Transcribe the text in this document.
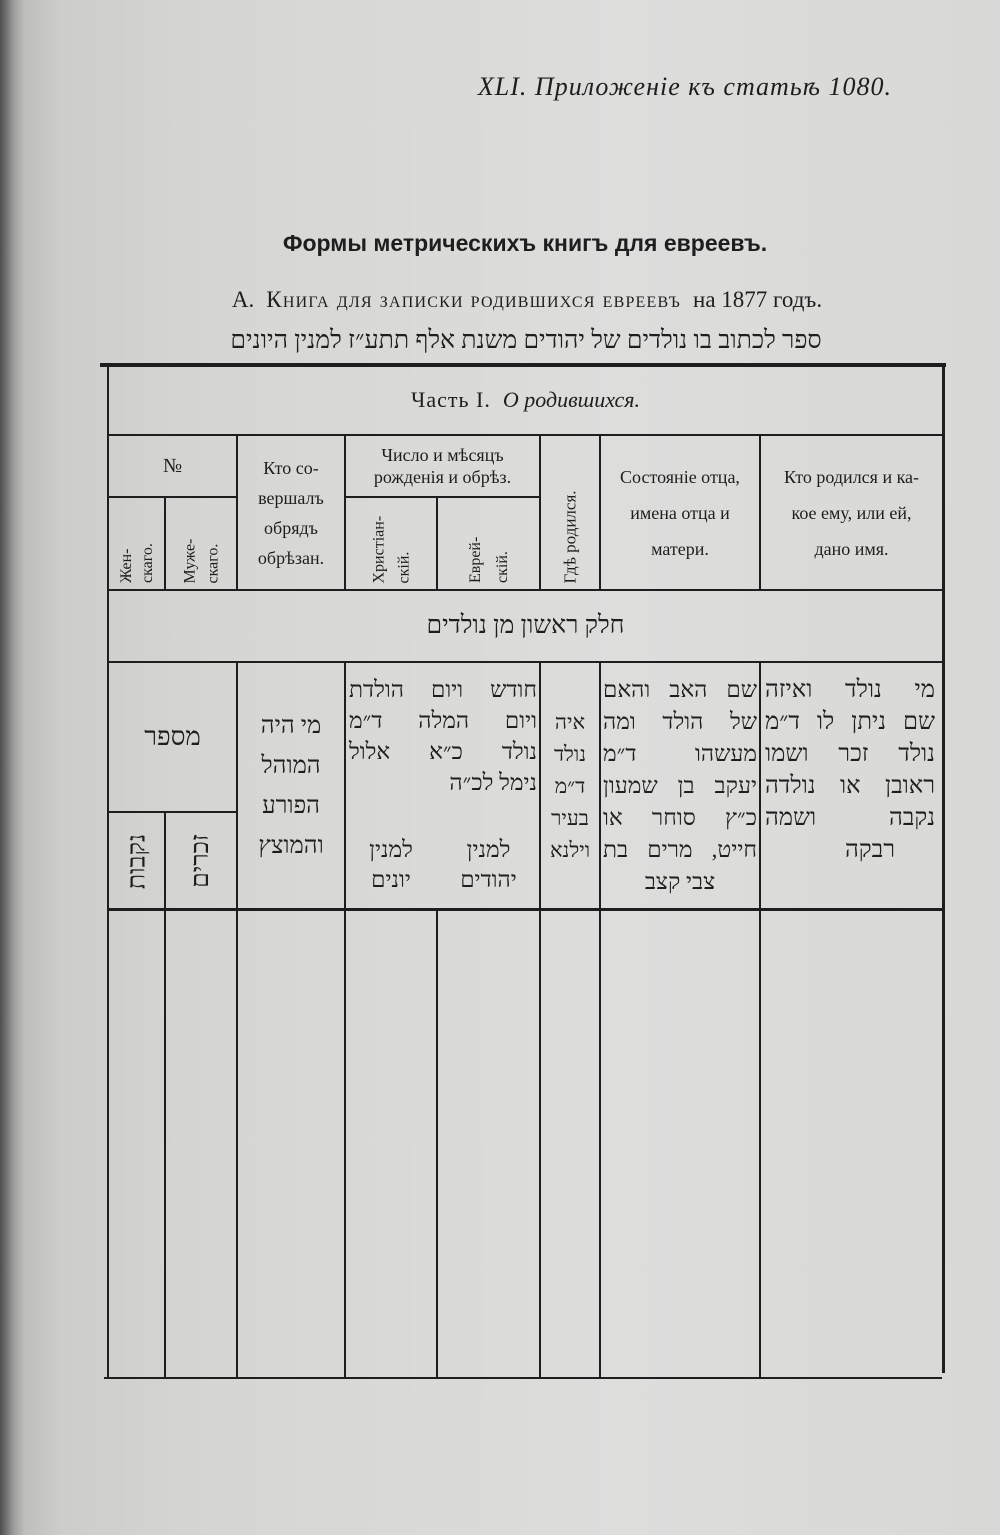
XLI. Приложеніе къ статьѣ 1080.
Формы метрическихъ книгъ для евреевъ.
А. Книга для записки родившихся евреевъ на 1877 годъ.
ספר לכתוב בו נולדים של יהודים משנת אלף תתע״ז למנין היונים
Часть I. О родившихся.
№
Жен- скаго. Муже- скаго.
Кто со-
вершалъ
обрядъ
обрѣзан.
Число и мѣсяцъ
рожденія и обрѣз.
Христіан- скій.	Еврей- скій.	Гдѣ родился.
Состояніе отца,
имена отца и
матери.
Кто родился и ка-
кое ему, или ей,
дано имя.
חלק ראשון מן נולדים
מספר
נקבות זכרים
מי היה
המוהל
הפורע
והמוצץ
חודש ויום הולדת
ויום המלה ד״מ
נולד כ״א אלול
נימל לכ״ה
למנין
יונים
למנין
יהודים
איה
נולד
ד״מ
בעיר
וילנא
שם האב והאם
של הולד ומה
מעשהו ד״מ
יעקב בן שמעון
כ״ץ סוחר או
חייט, מרים בת
צבי קצב
מי נולד ואיזה
שם ניתן לו ד״מ
נולד זכר ושמו
ראובן או נולדה
נקבה ושמה
רבקה
